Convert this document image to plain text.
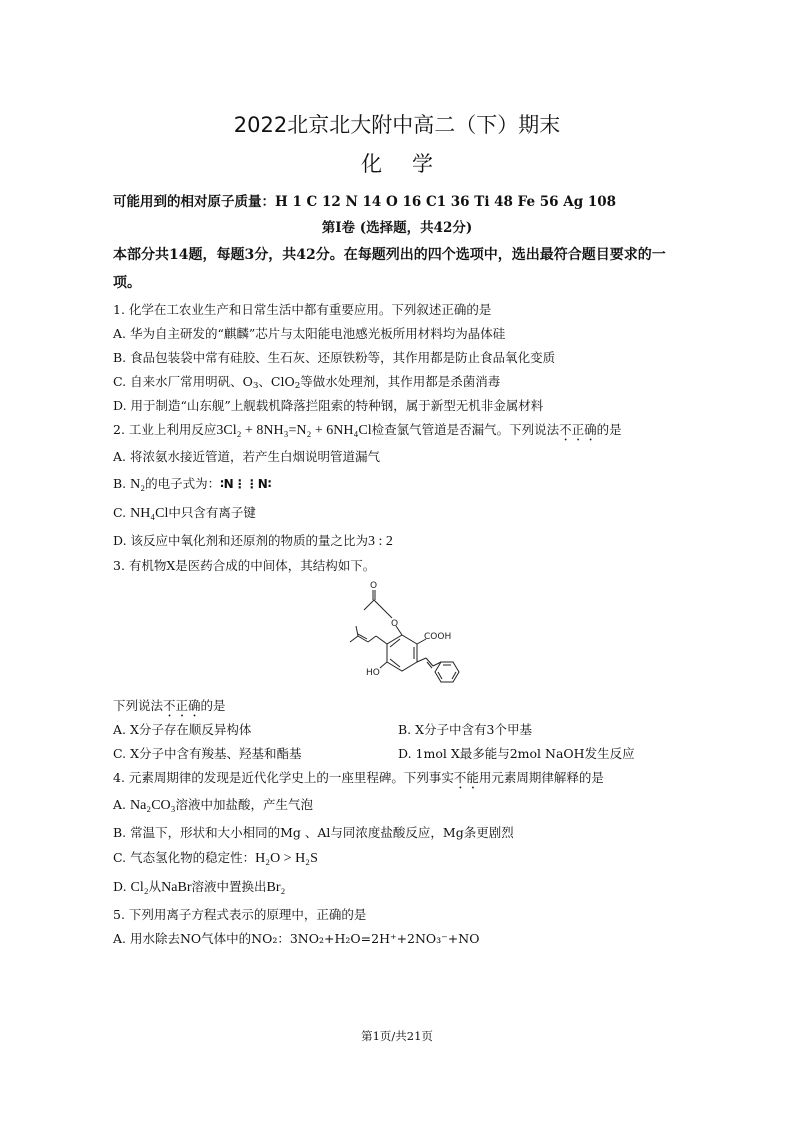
2022北京北大附中高二（下）期末
化学
可能用到的相对原子质量：H 1 C 12 N 14 O 16 C1 36 Ti 48 Fe 56 Ag 108
第I卷 (选择题，共42分)
本部分共14题，每题3分，共42分。在每题列出的四个选项中，选出最符合题目要求的一项。
1. 化学在工农业生产和日常生活中都有重要应用。下列叙述正确的是
A. 华为自主研发的“麒麟”芯片与太阳能电池感光板所用材料均为晶体硅
B. 食品包装袋中常有硅胶、生石灰、还原铁粉等，其作用都是防止食品氧化变质
C. 自来水厂常用明矾、$O_3$、ClO$_2$等做水处理剂，其作用都是杀菌消毒
D. 用于制造“山东舰”上舰载机降落拦阻索的特种钢，属于新型无机非金属材料
2. 工业上利用反应3Cl₂ + 8NH₃=N₂ + 6NH₄Cl检查氯气管道是否漏气。下列说法不正确的是
A. 将浓氨水接近管道，若产生白烟说明管道漏气
B. N₂的电子式为：∶N⋮⋮N∶
C. NH₄Cl中只含有离子键
D. 该反应中氧化剂和还原剂的物质的量之比为3 : 2
3. 有机物X是医药合成的中间体，其结构如下。
O
O
COOH
HO
下列说法不正确的是
A. X分子存在顺反异构体	B. X分子中含有3个甲基
C. X分子中含有羧基、羟基和酯基	D. 1mol X最多能与2mol NaOH发生反应
4. 元素周期律的发现是近代化学史上的一座里程碑。下列事实不能用元素周期律解释的是
A. Na₂CO₃溶液中加盐酸，产生气泡
B. 常温下，形状和大小相同的Mg 、Al与同浓度盐酸反应，Mg条更剧烈
C. 气态氢化物的稳定性：H₂O > H₂S
D. Cl₂从NaBr溶液中置换出Br₂
5. 下列用离子方程式表示的原理中，正确的是
A. 用水除去NO气体中的NO₂：3NO₂+H₂O=2H⁺+2NO₃⁻+NO
第1页/共21页
